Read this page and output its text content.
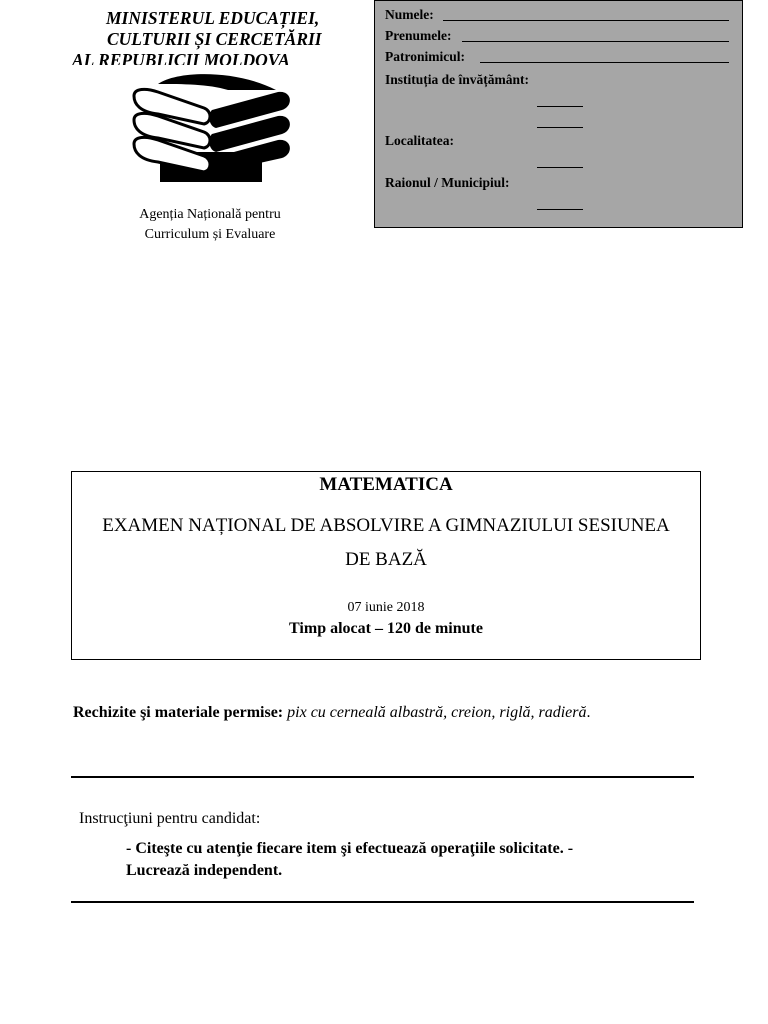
MINISTERUL EDUCAȚIEI,
CULTURII ȘI CERCETĂRII
AL REPUBLICII MOLDOVA
Agenția Națională pentru
Curriculum și Evaluare
Numele:
Prenumele:
Patronimicul:
Instituția de învățământ:
Localitatea:
Raionul / Municipiul:
MATEMATICA
EXAMEN NAȚIONAL DE ABSOLVIRE A GIMNAZIULUI SESIUNEA
DE BAZĂ
07 iunie 2018
Timp alocat – 120 de minute
Rechizite şi materiale permise: pix cu cerneală albastră, creion, riglă, radieră.
Instrucţiuni pentru candidat:
- Citeşte cu atenţie fiecare item şi efectuează operaţiile solicitate. -
Lucrează independent.
